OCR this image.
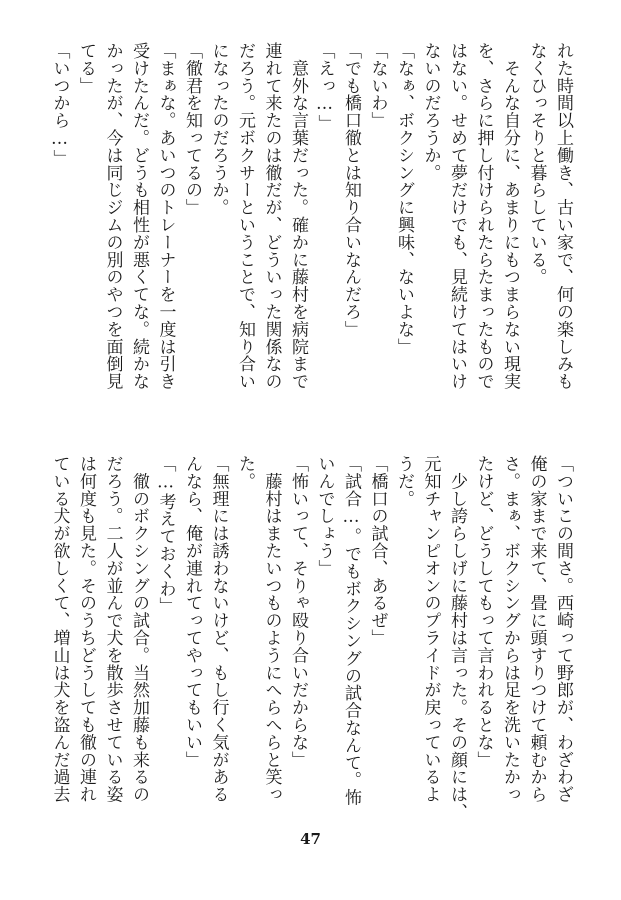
れた時間以上働き、古い家で、何の楽しみも
なくひっそりと暮らしている。
　そんな自分に、あまりにもつまらない現実
を、さらに押し付けられたらたまったもので
はない。せめて夢だけでも、見続けてはいけ
ないのだろうか。
「なぁ、ボクシングに興味、ないよな」
「ないわ」
「でも橋口徹とは知り合いなんだろ」
「えっ…」
　意外な言葉だった。確かに藤村を病院まで
連れて来たのは徹だが、どういった関係なの
だろう。元ボクサーということで、知り合い
になったのだろうか。
「徹君を知ってるの」
「まぁな。あいつのトレーナーを一度は引き
受けたんだ。どうも相性が悪くてな。続かな
かったが、今は同じジムの別のやつを面倒見
てる」
「いつから…」
「ついこの間さ。西崎って野郎が、わざわざ
俺の家まで来て、畳に頭すりつけて頼むから
さ。まぁ、ボクシングからは足を洗いたかっ
たけど、どうしてもって言われるとな」
　少し誇らしげに藤村は言った。その顔には、
元知チャンピオンのプライドが戻っているよ
うだ。
「橋口の試合、あるぜ」
「試合…。でもボクシングの試合なんて。怖
いんでしょう」
「怖いって、そりゃ殴り合いだからな」
　藤村はまたいつものようにへらへらと笑っ
た。
「無理には誘わないけど、もし行く気がある
んなら、俺が連れてってやってもいい」
「…考えておくわ」
　徹のボクシングの試合。当然加藤も来るの
だろう。二人が並んで犬を散歩させている姿
は何度も見た。そのうちどうしても徹の連れ
ている犬が欲しくて、増山は犬を盗んだ過去
47
